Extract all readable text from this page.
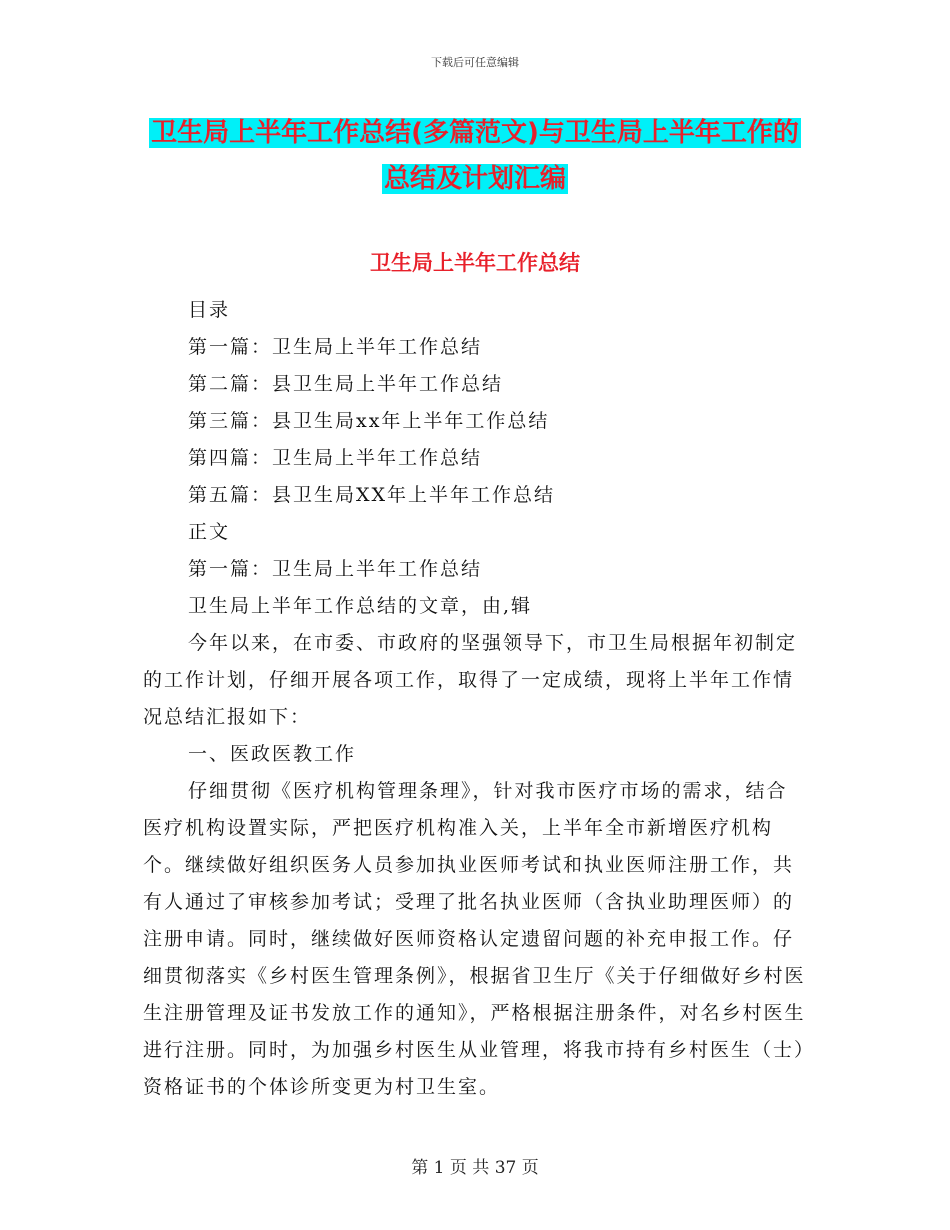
下载后可任意编辑
卫生局上半年工作总结(多篇范文)与卫生局上半年工作的总结及计划汇编
卫生局上半年工作总结

目录

第一篇：卫生局上半年工作总结

第二篇：县卫生局上半年工作总结

第三篇：县卫生局xx年上半年工作总结

第四篇：卫生局上半年工作总结

第五篇：县卫生局XX年上半年工作总结

正文

第一篇：卫生局上半年工作总结

卫生局上半年工作总结的文章，由,辑

今年以来，在市委、市政府的坚强领导下，市卫生局根据年初制定的工作计划，仔细开展各项工作，取得了一定成绩，现将上半年工作情况总结汇报如下：

一、医政医教工作

仔细贯彻《医疗机构管理条理》，针对我市医疗市场的需求，结合医疗机构设置实际，严把医疗机构准入关，上半年全市新增医疗机构个。继续做好组织医务人员参加执业医师考试和执业医师注册工作，共有人通过了审核参加考试；受理了批名执业医师（含执业助理医师）的注册申请。同时，继续做好医师资格认定遗留问题的补充申报工作。仔细贯彻落实《乡村医生管理条例》，根据省卫生厅《关于仔细做好乡村医生注册管理及证书发放工作的通知》，严格根据注册条件，对名乡村医生进行注册。同时，为加强乡村医生从业管理，将我市持有乡村医生（士）资格证书的个体诊所变更为村卫生室。

第 1 页 共 37 页
